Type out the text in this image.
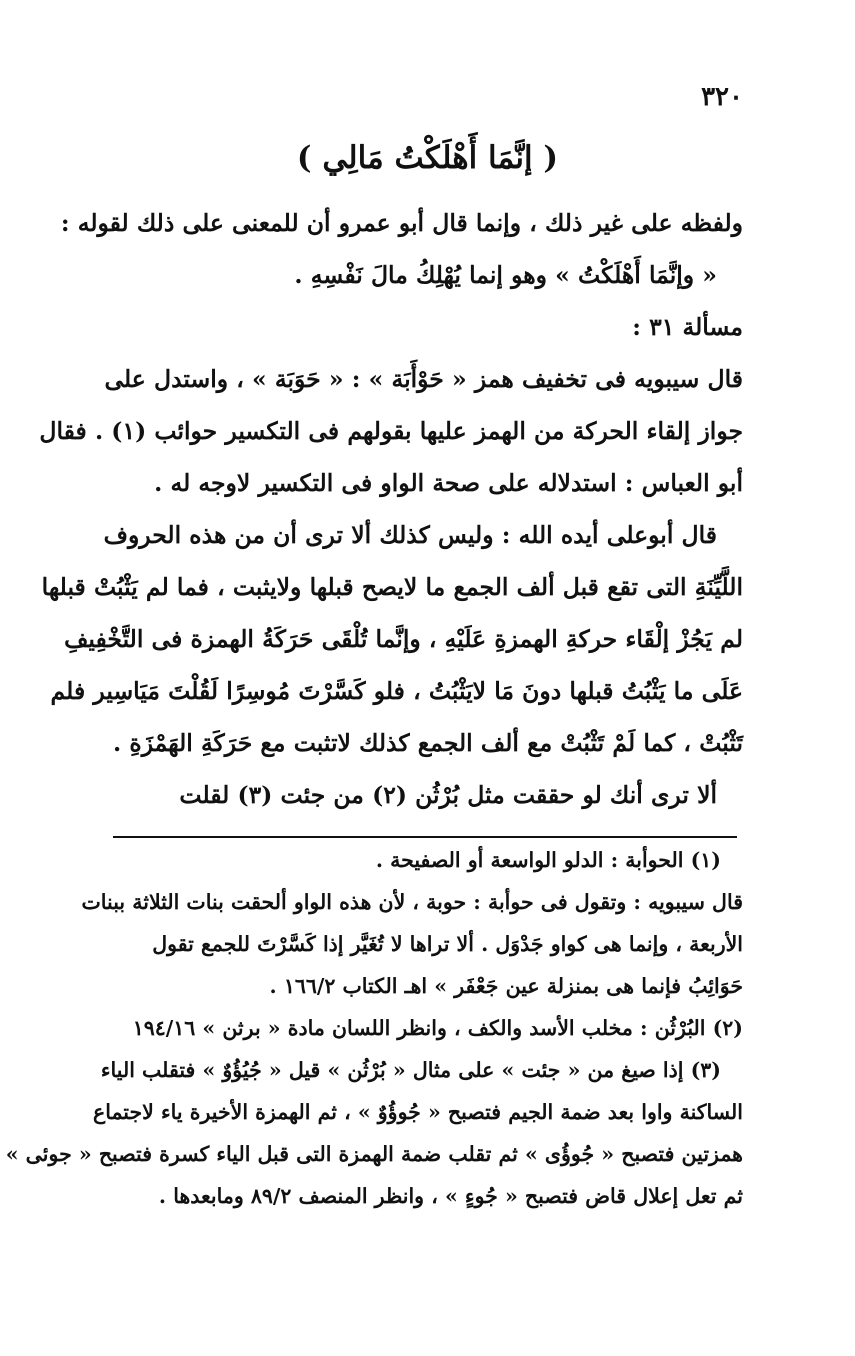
٣٢٠
( إنَّمَا أَهْلَكْتُ مَالِي )
ولفظه على غير ذلك ، وإنما قال أبو عمرو أن للمعنى على ذلك لقوله :
« وإنَّمَا أَهْلَكْتُ » وهو إنما يُهْلِكُ مالَ نَفْسِهِ .
مسألة ٣١ :
قال سيبويه فى تخفيف همز « حَوْأَبَة » : « حَوَبَة » ، واستدل على
جواز إلقاء الحركة من الهمز عليها بقولهم فى التكسير حوائب (١) . فقال
أبو العباس : استدلاله على صحة الواو فى التكسير لاوجه له .
قال أبوعلى أيده الله : وليس كذلك ألا ترى أن من هذه الحروف
اللَّيِّنَةِ التى تقع قبل ألف الجمع ما لايصح قبلها ولايثبت ، فما لم يَثْبُتْ قبلها
لم يَجُزْ إلْقَاء حركةِ الهمزةِ عَلَيْهِ ، وإنَّما تُلْقَى حَرَكَةُ الهمزة فى التَّخْفِيفِ
عَلَى ما يَثْبُتُ قبلها دونَ مَا لايَثْبُتُ ، فلو كَسَّرْتَ مُوسِرًا لَقُلْتَ مَيَاسِير فلم
تَثْبُتْ ، كما لَمْ تَثْبُتْ مع ألف الجمع كذلك لاتثبت مع حَرَكَةِ الهَمْزَةِ .
ألا ترى أنك لو حققت مثل بُرْثُن (٢) من جئت (٣) لقلت
(١) الحوأبة : الدلو الواسعة أو الصفيحة .
قال سيبويه : وتقول فى حوأبة : حوبة ، لأن هذه الواو ألحقت بنات الثلاثة ببنات
الأربعة ، وإنما هى كواو جَدْوَل . ألا تراها لا تُغَيَّر إذا كَسَّرْتَ للجمع تقول
حَوَائِبُ فإنما هى بمنزلة عين جَعْفَر » اهـ الكتاب ١٦٦/٢ .
(٢) البُرْثُن : مخلب الأسد والكف ، وانظر اللسان مادة « برثن » ١٩٤/١٦
(٣) إذا صيغ من « جئت » على مثال « بُرْثُن » قيل « جُيُؤُوٌ » فتقلب الياء
الساكنة واوا بعد ضمة الجيم فتصبح « جُوؤُوٌ » ، ثم الهمزة الأخيرة ياء لاجتماع
همزتين فتصبح « جُوؤُى » ثم تقلب ضمة الهمزة التى قبل الياء كسرة فتصبح « جوئى »
ثم تعل إعلال قاض فتصبح « جُوءٍ » ، وانظر المنصف ٨٩/٢ ومابعدها .
